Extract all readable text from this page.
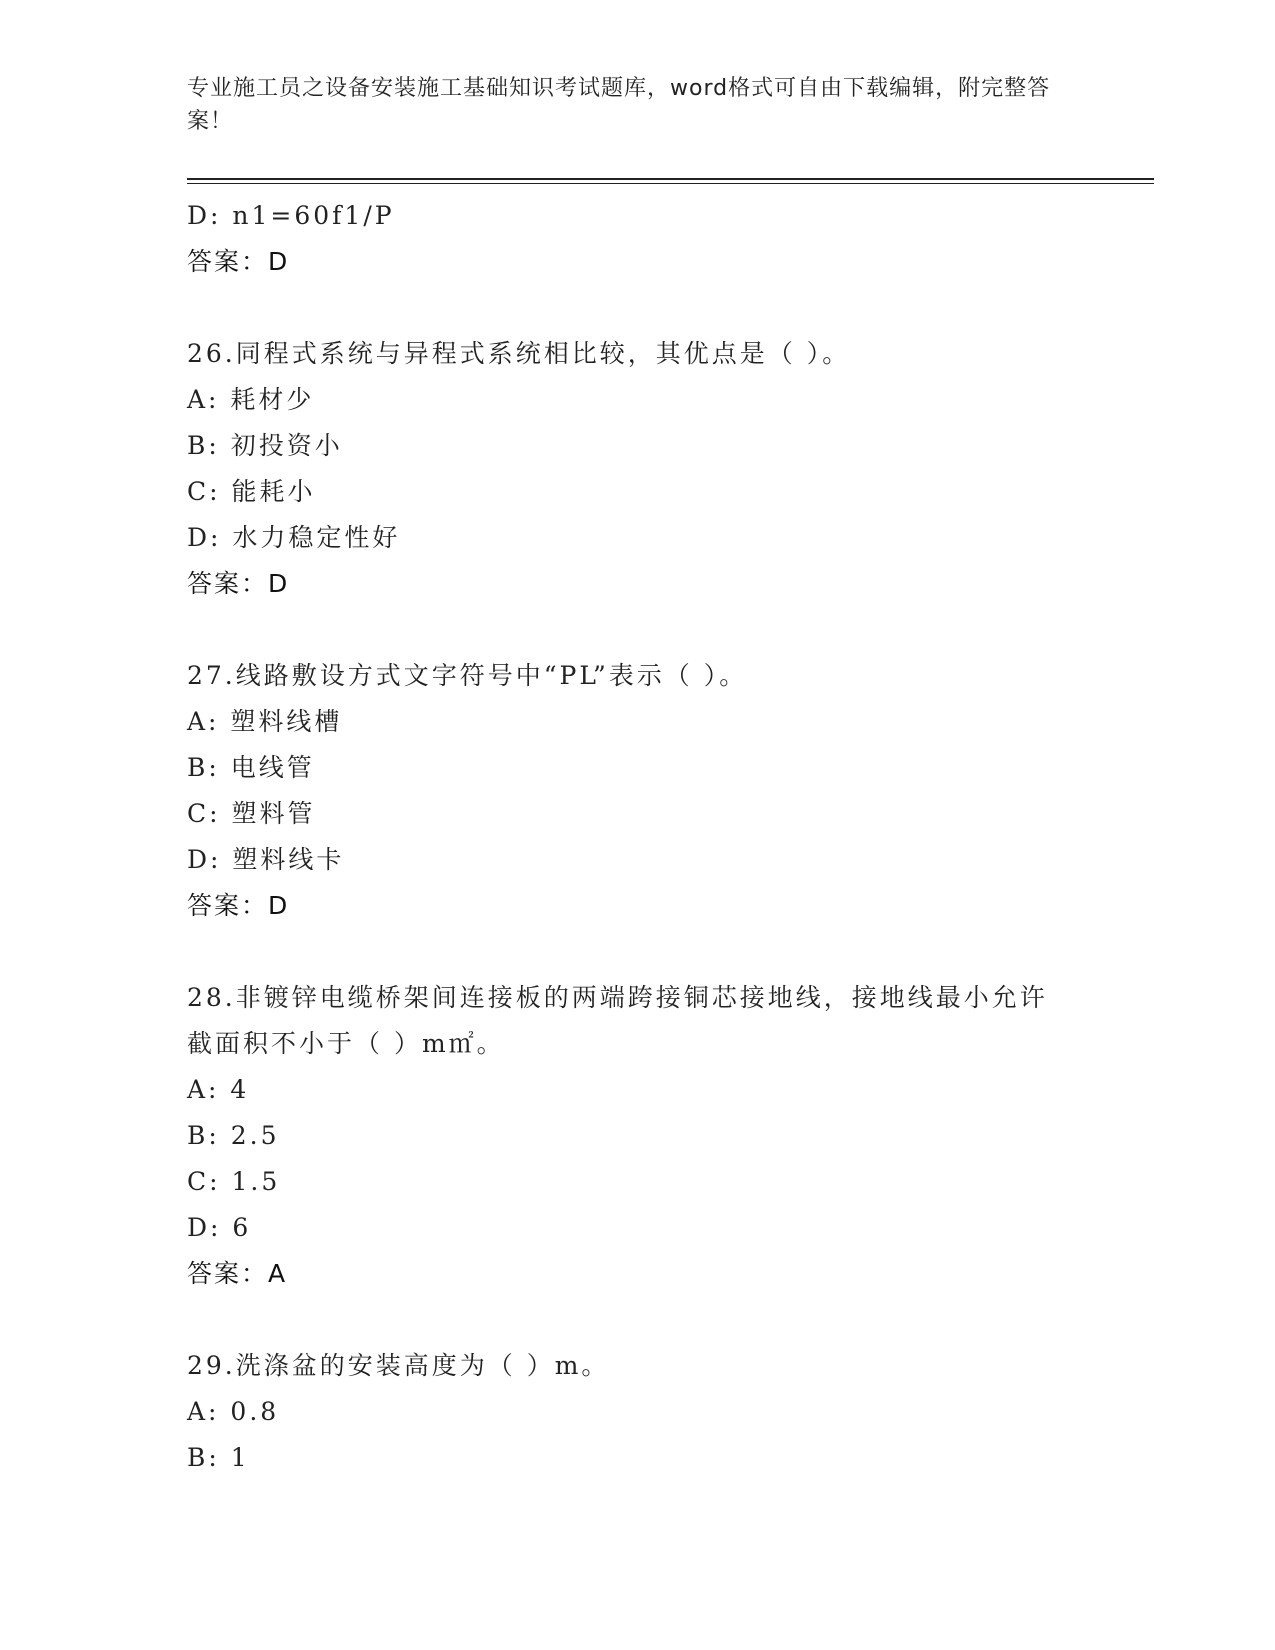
专业施工员之设备安装施工基础知识考试题库，word格式可自由下载编辑，附完整答案！
D: n1=60f1/P
答案：D
26.同程式系统与异程式系统相比较，其优点是（ ）。
A: 耗材少
B: 初投资小
C: 能耗小
D: 水力稳定性好
答案：D
27.线路敷设方式文字符号中“PL”表示（ ）。
A: 塑料线槽
B: 电线管
C: 塑料管
D: 塑料线卡
答案：D
28.非镀锌电缆桥架间连接板的两端跨接铜芯接地线，接地线最小允许截面积不小于（ ）m㎡。
A: 4
B: 2.5
C: 1.5
D: 6
答案：A
29.洗涤盆的安装高度为（ ）m。
A: 0.8
B: 1
